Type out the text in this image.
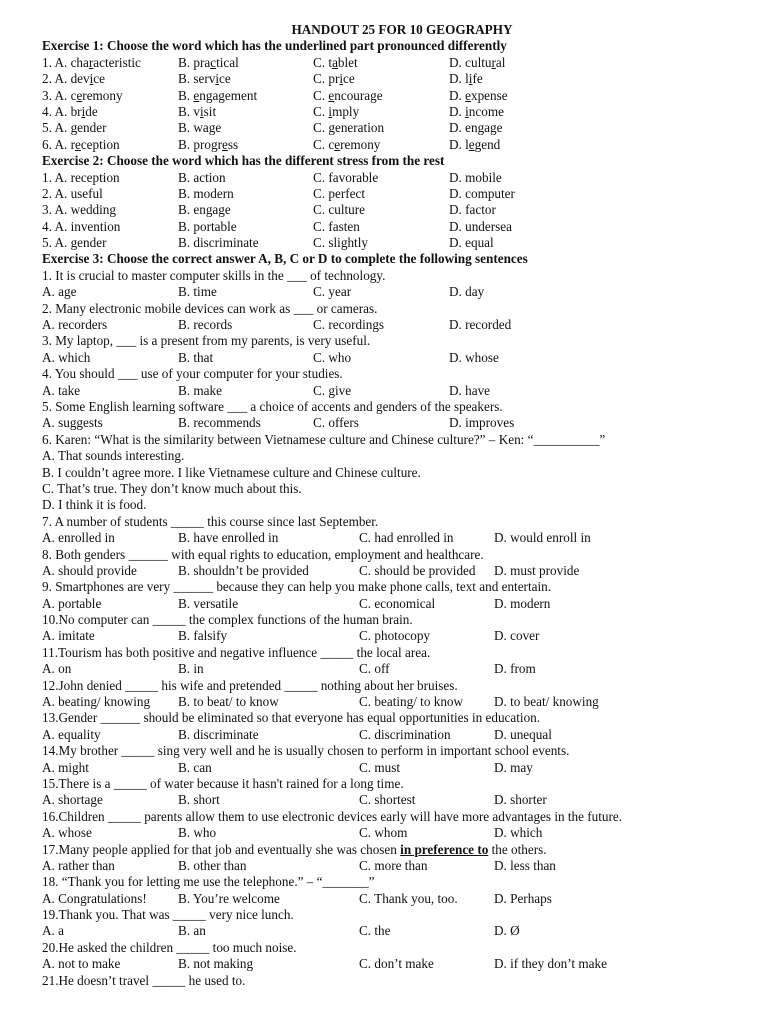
HANDOUT 25 FOR 10 GEOGRAPHY
Exercise 1: Choose the word which has the underlined part pronounced differently
1. A. characteristic	B. practical	C. tablet	D. cultural
2. A. device	B. service	C. price	D. life
3. A. ceremony	B. engagement	C. encourage	D. expense
4. A. bride	B. visit	C. imply	D. income
5. A. gender	B. wage	C. generation	D. engage
6. A. reception	B. progress	C. ceremony	D. legend
Exercise 2: Choose the word which has the different stress from the rest
1. A. reception	B. action	C. favorable	D. mobile
2. A. useful	B. modern	C. perfect	D. computer
3. A. wedding	B. engage	C. culture	D. factor
4. A. invention	B. portable	C. fasten	D. undersea
5. A. gender	B. discriminate	C. slightly	D. equal
Exercise 3: Choose the correct answer A, B, C or D to complete the following sentences
1. It is crucial to master computer skills in the ___ of technology.
A. age	B. time	C. year	D. day
2. Many electronic mobile devices can work as ___ or cameras.
A. recorders	B. records	C. recordings	D. recorded
3. My laptop, ___ is a present from my parents, is very useful.
A. which	B. that	C. who	D. whose
4. You should ___ use of your computer for your studies.
A. take	B. make	C. give	D. have
5. Some English learning software ___ a choice of accents and genders of the speakers.
A. suggests	B. recommends	C. offers	D. improves
6. Karen: “What is the similarity between Vietnamese culture and Chinese culture?” – Ken: “__________”
A. That sounds interesting.
B. I couldn’t agree more. I like Vietnamese culture and Chinese culture.
C. That’s true. They don’t know much about this.
D. I think it is food.
7. A number of students _____ this course since last September.
A. enrolled in	B. have enrolled in	C. had enrolled in	D. would enroll in
8. Both genders ______ with equal rights to education, employment and healthcare.
A. should provide	B. shouldn’t be provided	C. should be provided D. must provide
9. Smartphones are very ______ because they can help you make phone calls, text and entertain.
A. portable	B. versatile	C. economical	D. modern
10.No computer can _____ the complex functions of the human brain.
A. imitate	B. falsify	C. photocopy	D. cover
11.Tourism has both positive and negative influence _____ the local area.
A. on	B. in	C. off	D. from
12.John denied _____ his wife and pretended _____ nothing about her bruises.
A. beating/ knowing B. to beat/ to know	C. beating/ to know D. to beat/ knowing
13.Gender ______ should be eliminated so that everyone has equal opportunities in education.
A. equality	B. discriminate	C. discrimination	D. unequal
14.My brother _____ sing very well and he is usually chosen to perform in important school events.
A. might	B. can	C. must	D. may
15.There is a _____ of water because it hasn't rained for a long time.
A. shortage	B. short	C. shortest	D. shorter
16.Children _____ parents allow them to use electronic devices early will have more advantages in the future.
A. whose	B. who	C. whom	D. which
17.Many people applied for that job and eventually she was chosen in preference to the others.
A. rather than	B. other than	C. more than	D. less than
18. “Thank you for letting me use the telephone.” – “_______”
A. Congratulations! B. You’re welcome	C. Thank you, too.	D. Perhaps
19.Thank you. That was _____ very nice lunch.
A. a	B. an	C. the	D. Ø
20.He asked the children _____ too much noise.
A. not to make	B. not making	C. don’t make	D. if they don’t make
21.He doesn’t travel _____ he used to.
